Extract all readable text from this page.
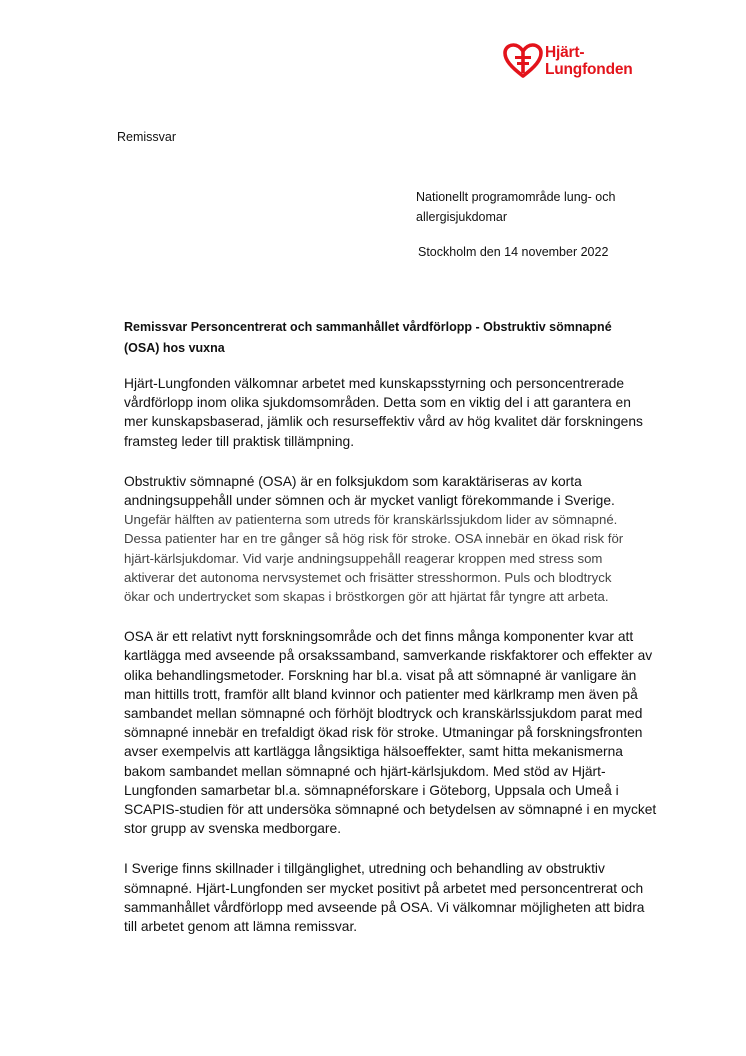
Hjärt-
Lungfonden
Remissvar
Nationellt programområde lung- och
allergisjukdomar
Stockholm den 14 november 2022
Remissvar Personcentrerat och sammanhållet vårdförlopp - Obstruktiv sömnapné (OSA) hos vuxna

Hjärt-Lungfonden välkomnar arbetet med kunskapsstyrning och personcentrerade
vårdförlopp inom olika sjukdomsområden. Detta som en viktig del i att garantera en
mer kunskapsbaserad, jämlik och resurseffektiv vård av hög kvalitet där forskningens
framsteg leder till praktisk tillämpning.

Obstruktiv sömnapné (OSA) är en folksjukdom som karaktäriseras av korta
andningsuppehåll under sömnen och är mycket vanligt förekommande i Sverige.
Ungefär hälften av patienterna som utreds för kranskärlssjukdom lider av sömnapné.
Dessa patienter har en tre gånger så hög risk för stroke. OSA innebär en ökad risk för
hjärt-kärlsjukdomar. Vid varje andningsuppehåll reagerar kroppen med stress som
aktiverar det autonoma nervsystemet och frisätter stresshormon. Puls och blodtryck
ökar och undertrycket som skapas i bröstkorgen gör att hjärtat får tyngre att arbeta.

OSA är ett relativt nytt forskningsområde och det finns många komponenter kvar att
kartlägga med avseende på orsakssamband, samverkande riskfaktorer och effekter av
olika behandlingsmetoder. Forskning har bl.a. visat på att sömnapné är vanligare än
man hittills trott, framför allt bland kvinnor och patienter med kärlkramp men även på
sambandet mellan sömnapné och förhöjt blodtryck och kranskärlssjukdom parat med
sömnapné innebär en trefaldigt ökad risk för stroke. Utmaningar på forskningsfronten
avser exempelvis att kartlägga långsiktiga hälsoeffekter, samt hitta mekanismerna
bakom sambandet mellan sömnapné och hjärt-kärlsjukdom. Med stöd av Hjärt-
Lungfonden samarbetar bl.a. sömnapnéforskare i Göteborg, Uppsala och Umeå i
SCAPIS-studien för att undersöka sömnapné och betydelsen av sömnapné i en mycket
stor grupp av svenska medborgare.

I Sverige finns skillnader i tillgänglighet, utredning och behandling av obstruktiv
sömnapné. Hjärt-Lungfonden ser mycket positivt på arbetet med personcentrerat och
sammanhållet vårdförlopp med avseende på OSA. Vi välkomnar möjligheten att bidra
till arbetet genom att lämna remissvar.
